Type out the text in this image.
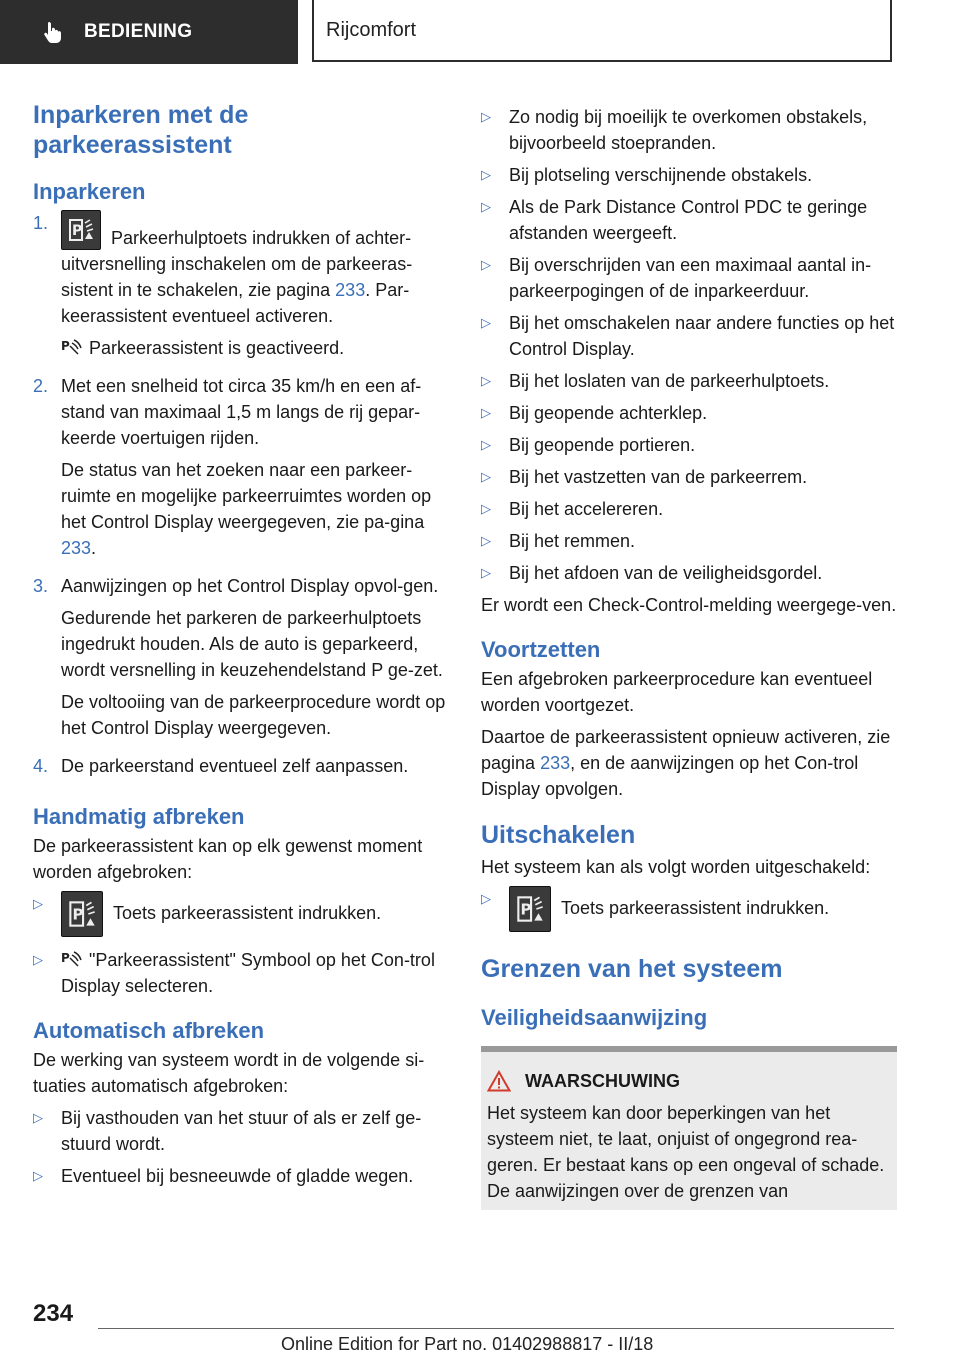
BEDIENING	Rijcomfort
Inparkeren met de parkeerassistent
Inparkeren
1.	P Parkeerhulptoets indrukken of achter-uitversnelling inschakelen om de parkeeras-sistent in te schakelen, zie pagina 233. Par-keerassistent eventueel activeren.

P Parkeerassistent is geactiveerd.

2. Met een snelheid tot circa 35 km/h en een af-stand van maximaal 1,5 m langs de rij gepar-keerde voertuigen rijden.

De status van het zoeken naar een parkeer-ruimte en mogelijke parkeerruimtes worden op het Control Display weergegeven, zie pa-gina 233.

3. Aanwijzingen op het Control Display opvol-gen.

Gedurende het parkeren de parkeerhulptoets ingedrukt houden. Als de auto is geparkeerd, wordt versnelling in keuzehendelstand P ge-zet.

De voltooiing van de parkeerprocedure wordt op het Control Display weergegeven.

4. De parkeerstand eventueel zelf aanpassen.

Handmatig afbreken

De parkeerassistent kan op elk gewenst moment worden afgebroken:

▷
P Toets parkeerassistent indrukken.
▷	P "Parkeerassistent" Symbool op het Con-trol Display selecteren.
Automatisch afbreken

De werking van systeem wordt in de volgende si-tuaties automatisch afgebroken:

▷	Bij vasthouden van het stuur of als er zelf ge-stuurd wordt.
▷	Eventueel bij besneeuwde of gladde wegen.
▷	Zo nodig bij moeilijk te overkomen obstakels, bijvoorbeeld stoepranden.
▷	Bij plotseling verschijnende obstakels.
▷	Als de Park Distance Control PDC te geringe afstanden weergeeft.
▷	Bij overschrijden van een maximaal aantal in-parkeerpogingen of de inparkeerduur.
▷	Bij het omschakelen naar andere functies op het Control Display.
▷	Bij het loslaten van de parkeerhulptoets.
▷	Bij geopende achterklep.
▷	Bij geopende portieren.
▷	Bij het vastzetten van de parkeerrem.
▷	Bij het accelereren.
▷	Bij het remmen.
▷	Bij het afdoen van de veiligheidsgordel.

Er wordt een Check-Control-melding weergege-ven.

Voortzetten

Een afgebroken parkeerprocedure kan eventueel worden voortgezet.

Daartoe de parkeerassistent opnieuw activeren, zie pagina 233, en de aanwijzingen op het Con-trol Display opvolgen.

Uitschakelen

Het systeem kan als volgt worden uitgeschakeld:

▷
P Toets parkeerassistent indrukken.
Grenzen van het systeem
Veiligheidsaanwijzing
WAARSCHUWING

Het systeem kan door beperkingen van het systeem niet, te laat, onjuist of ongegrond rea-geren. Er bestaat kans op een ongeval of schade. De aanwijzingen over de grenzen van

234
Online Edition for Part no. 01402988817 - II/18
